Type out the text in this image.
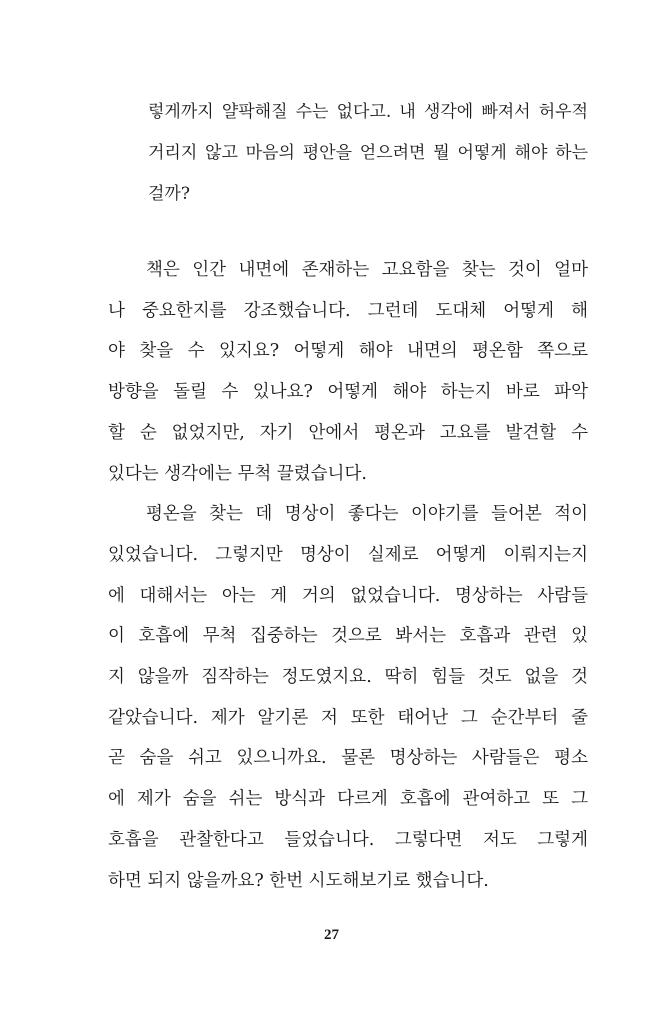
렇게까지 얄팍해질 수는 없다고. 내 생각에 빠져서 허우적
거리지 않고 마음의 평안을 얻으려면 뭘 어떻게 해야 하는
걸까?
책은 인간 내면에 존재하는 고요함을 찾는 것이 얼마
나 중요한지를 강조했습니다. 그런데 도대체 어떻게 해
야 찾을 수 있지요? 어떻게 해야 내면의 평온함 쪽으로
방향을 돌릴 수 있나요? 어떻게 해야 하는지 바로 파악
할 순 없었지만, 자기 안에서 평온과 고요를 발견할 수
있다는 생각에는 무척 끌렸습니다.
평온을 찾는 데 명상이 좋다는 이야기를 들어본 적이
있었습니다. 그렇지만 명상이 실제로 어떻게 이뤄지는지
에 대해서는 아는 게 거의 없었습니다. 명상하는 사람들
이 호흡에 무척 집중하는 것으로 봐서는 호흡과 관련 있
지 않을까 짐작하는 정도였지요. 딱히 힘들 것도 없을 것
같았습니다. 제가 알기론 저 또한 태어난 그 순간부터 줄
곧 숨을 쉬고 있으니까요. 물론 명상하는 사람들은 평소
에 제가 숨을 쉬는 방식과 다르게 호흡에 관여하고 또 그
호흡을 관찰한다고 들었습니다. 그렇다면 저도 그렇게
하면 되지 않을까요? 한번 시도해보기로 했습니다.
27
